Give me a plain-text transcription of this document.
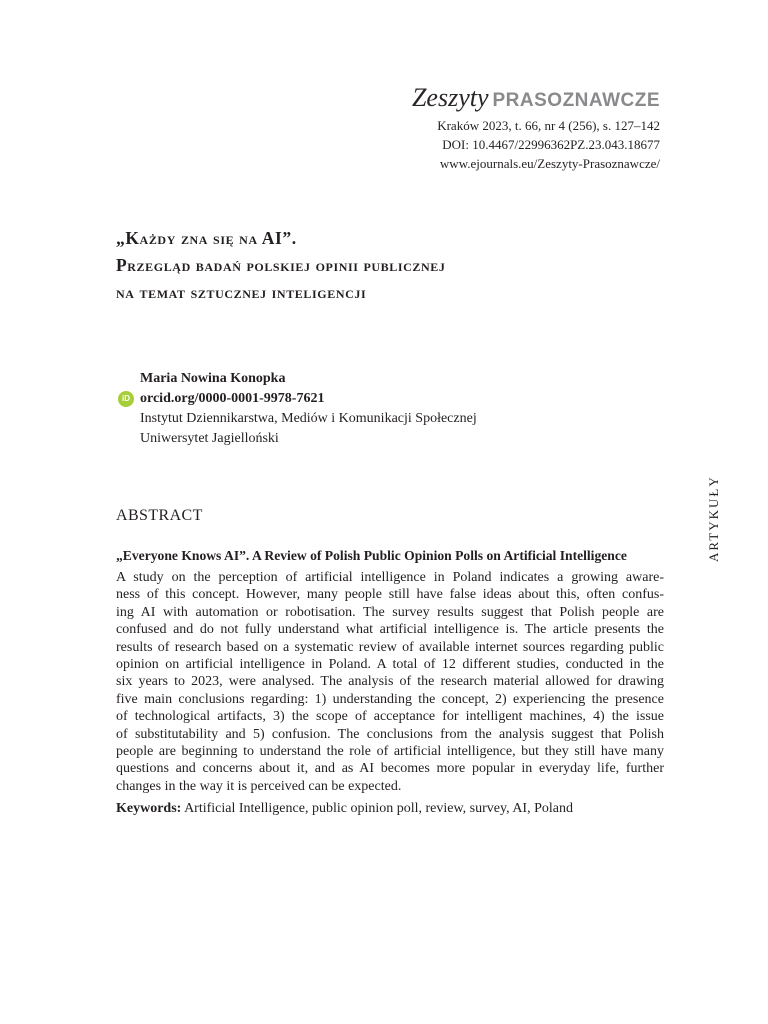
Zeszyty PRASOZNAWCZE
Kraków 2023, t. 66, nr 4 (256), s. 127–142
DOI: 10.4467/22996362PZ.23.043.18677
www.ejournals.eu/Zeszyty-Prasoznawcze/
„Każdy zna się na AI”.
Przegląd badań polskiej opinii publicznej
na temat sztucznej inteligencji
Maria Nowina Konopka
iD orcid.org/0000-0001-9978-7621
Instytut Dziennikarstwa, Mediów i Komunikacji Społecznej
Uniwersytet Jagielloński
ARTYKUŁY
ABSTRACT
„Everyone Knows AI”. A Review of Polish Public Opinion Polls on Artificial Intelligence
A study on the perception of artificial intelligence in Poland indicates a growing aware-
ness of this concept. However, many people still have false ideas about this, often confus-
ing AI with automation or robotisation. The survey results suggest that Polish people are
confused and do not fully understand what artificial intelligence is. The article presents the
results of research based on a systematic review of available internet sources regarding public
opinion on artificial intelligence in Poland. A total of 12 different studies, conducted in the
six years to 2023, were analysed. The analysis of the research material allowed for drawing
five main conclusions regarding: 1) understanding the concept, 2) experiencing the presence
of technological artifacts, 3) the scope of acceptance for intelligent machines, 4) the issue
of substitutability and 5) confusion. The conclusions from the analysis suggest that Polish
people are beginning to understand the role of artificial intelligence, but they still have many
questions and concerns about it, and as AI becomes more popular in everyday life, further
changes in the way it is perceived can be expected.
Keywords: Artificial Intelligence, public opinion poll, review, survey, AI, Poland
